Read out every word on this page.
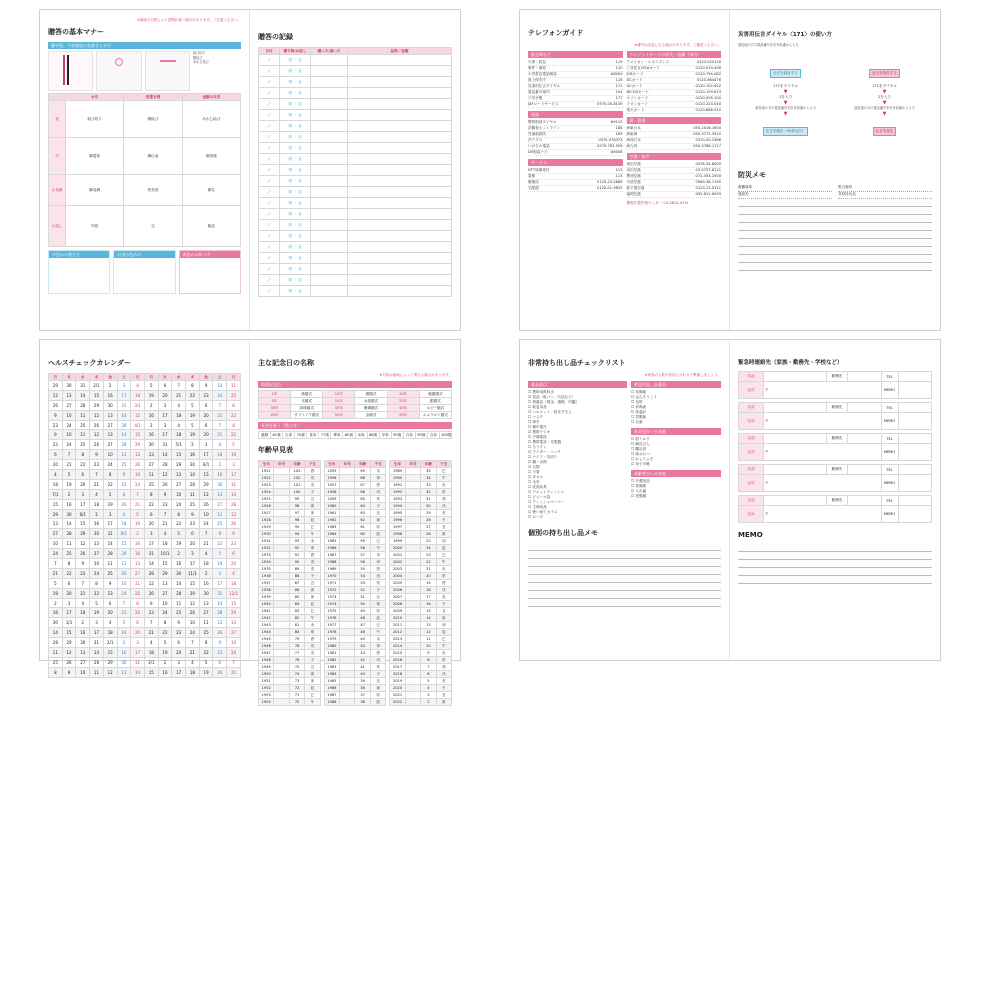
※地域や宗教により習慣が違う場合があります。ご注意ください。
贈答の基本マナー
慶弔袋、不祝儀袋の表書きと水引
結び切り
蝶結び
あわじ結び
	水引	表書き例	金額の目安
祝	結び切り	蝶結び	あわじ結び
弔	御霊前	御仏前	御香典
お見舞	御見舞	快気祝	御礼
お返し	内祝	志	粗品
中包みの書き方	お金の包み方	表包みの折り方
贈答の記録
日付	贈り物/お返し	贈った/頂いた	品物／金額
／	贈 ・ 返		
／	贈 ・ 返		
／	贈 ・ 返		
／	贈 ・ 返		
／	贈 ・ 返		
／	贈 ・ 返		
／	贈 ・ 返		
／	贈 ・ 返		
／	贈 ・ 返		
／	贈 ・ 返		
／	贈 ・ 返		
／	贈 ・ 返		
／	贈 ・ 返		
／	贈 ・ 返		
／	贈 ・ 返		
／	贈 ・ 返		
／	贈 ・ 返		
／	贈 ・ 返		
／	贈 ・ 返		
／	贈 ・ 返		
／	贈 ・ 返		
／	贈 ・ 返		
テレフォンガイド
※番号は変更になる場合があります。ご確認ください。
緊急時など
火事・救急	119
事件・事故	110
小児救急電話相談	#8000
海上保安庁	118
災害用伝言ダイヤル	171
電話番号案内	104
天気予報	177
JAFロードサービス	0570-00-8139
相談
警察相談ダイヤル	#9110
消費者ホットライン	188
児童相談所	189
法テラス	0570-078374
いのちの電話	0570-783-556
DV相談ナビ	#8008
サービス
NTT故障受付	113
電報	115
郵便局	0120-23-2886
宅配便	0120-01-9625
クレジットカードの紛失・盗難（国内）
アメリカン・エキスプレス	0120-020120
三井住友VISAカード	0120-919-456
JCBカード	0120-794-082
DCカード	0120-664476
UCカード	0120-102-622
NICOSカード	0120-159-674
セゾンカード	0120-505-100
イオンカード	0120-223-040
楽天カード	0120-866-910
JR・鉄道
JR東日本	050-2016-1600
JR東海	050-3772-3910
JR西日本	0570-00-2486
JR九州	050-3786-1717
空港・航空
成田空港	0476-34-8000
羽田空港	03-5757-8111
関西空港	072-455-2500
中部空港	0569-38-1195
新千歳空港	0123-23-0111
福岡空港	092-621-6059
警視庁遺失物センター 03-3814-4151
災害用伝言ダイヤル〈171〉の使い方
被災地の方の電話番号を市外局番から入力
伝言を録音する
171をダイヤル
▼
1を入力
▼
被災地の方の電話番号を市外局番から入力
▼
伝言を録音（30秒以内）
伝言を再生する
171をダイヤル
▼
2を入力
▼
被災地の方の電話番号を市外局番から入力
▼
伝言を再生
防災メモ
避難場所
連絡先
集合場所
非常持出品
ヘルスチェックカレンダー
月	火	水	木	金	土	日	月	火	水	木	金	土	日
29	30	31	2/1	2	3	4	5	6	7	8	9	10	11
12	13	14	15	16	17	18	19	20	21	22	23	24	25
26	27	28	29	30	31	3/1	2	3	4	5	6	7	8
9	10	11	12	13	14	15	16	17	18	19	20	21	22
23	24	25	26	27	28	4/1	2	3	4	5	6	7	8
9	10	11	12	13	14	15	16	17	18	19	20	21	22
23	24	25	26	27	28	29	30	31	5/1	2	3	4	5
6	7	8	9	10	11	12	13	14	15	16	17	18	19
20	21	22	23	24	25	26	27	28	29	30	6/1	2	3
4	5	6	7	8	9	10	11	12	13	14	15	16	17
18	19	20	21	22	23	24	25	26	27	28	29	30	31
7/1	2	3	4	5	6	7	8	9	10	11	12	13	14
15	16	17	18	19	20	21	22	23	24	25	26	27	28
29	30	8/1	2	3	4	5	6	7	8	9	10	11	12
13	14	15	16	17	18	19	20	21	22	23	24	25	26
27	28	29	30	31	9/1	2	3	4	5	6	7	8	9
10	11	12	13	14	15	16	17	18	19	20	21	22	23
24	25	26	27	28	29	30	31	10/1	2	3	4	5	6
7	8	9	10	11	12	13	14	15	16	17	18	19	20
21	22	23	24	25	26	27	28	29	30	11/1	2	3	4
5	6	7	8	9	10	11	12	13	14	15	16	17	18
19	20	21	22	23	24	25	26	27	28	29	30	31	12/1
2	3	4	5	6	7	8	9	10	11	12	13	14	15
16	17	18	19	20	21	22	23	24	25	26	27	28	29
30	1/1	2	3	4	5	6	7	8	9	10	11	12	13
14	15	16	17	18	19	20	21	22	23	24	25	26	27
28	29	30	31	2/1	2	3	4	5	6	7	8	9	10
11	12	13	14	15	16	17	18	19	20	21	22	23	24
25	26	27	28	29	30	31	3/1	2	3	4	5	6	7
8	9	10	11	12	13	14	15	16	17	18	19	20	21
主な記念日の名称
※名称は地域によって異なる場合があります。
結婚記念日
1年	紙婚式	10年	錫婚式	20年	磁器婚式
5年	木婚式	15年	水晶婚式	25年	銀婚式
30年	真珠婚式	35年	珊瑚婚式	40年	ルビー婚式
45年	サファイア婚式	50年	金婚式	55年	エメラルド婚式
長寿を祝う（数え年）
還暦	61歳	古希	70歳	喜寿	77歳	傘寿	80歳	米寿	88歳	卒寿	90歳	白寿	99歳	百寿	100歳
年齢早見表
生年	年号	年齢	干支
1921		103	酉
1922		102	戌
1923		101	亥
1924		100	子
1925		99	丑
1926		98	寅
1927		97	卯
1928		96	辰
1929		95	巳
1930		94	午
1931		93	未
1932		92	申
1933		91	酉
1934		90	戌
1935		89	亥
1936		88	子
1937		87	丑
1938		86	寅
1939		85	卯
1940		84	辰
1941		83	巳
1942		82	午
1943		81	未
1944		80	申
1945		79	酉
1946		78	戌
1947		77	亥
1948		76	子
1949		75	丑
1950		74	寅
1951		73	卯
1952		72	辰
1953		71	巳
1954		70	午
生年	年号	年齢	干支
1955		69	未
1956		68	申
1957		67	酉
1958		66	戌
1959		65	亥
1960		64	子
1961		63	丑
1962		62	寅
1963		61	卯
1964		60	辰
1965		59	巳
1966		58	午
1967		57	未
1968		56	申
1969		55	酉
1970		54	戌
1971		53	亥
1972		52	子
1973		51	丑
1974		50	寅
1975		49	卯
1976		48	辰
1977		47	巳
1978		46	午
1979		45	未
1980		44	申
1981		43	酉
1982		42	戌
1983		41	亥
1984		40	子
1985		39	丑
1986		38	寅
1987		37	卯
1988		36	辰
生年	年号	年齢	干支
1989		35	巳
1990		34	午
1991		33	未
1992		32	申
1993		31	酉
1994		30	戌
1995		29	亥
1996		28	子
1997		27	丑
1998		26	寅
1999		25	卯
2000		24	辰
2001		23	巳
2002		22	午
2003		21	未
2004		20	申
2005		19	酉
2006		18	戌
2007		17	亥
2008		16	子
2009		15	丑
2010		14	寅
2011		13	卯
2012		12	辰
2013		11	巳
2014		10	午
2015		9	未
2016		8	申
2017		7	酉
2018		6	戌
2019		5	亥
2020		4	子
2021		3	丑
2022		2	寅
非常持ち出し品チェックリスト
※家族の人数や状況に合わせて準備しましょう。
基本品目
☐ 携帯用飲料水
☐ 食品（乾パン、缶詰など）
☐ 貴重品（現金、通帳、印鑑）
☐ 救急用品
☐ ヘルメット・防災ずきん
☐ マスク
☐ 軍手
☐ 懐中電灯
☐ 携帯ラジオ
☐ 予備電池
☐ 携帯電話・充電器
☐ ろうそく
☐ ライター・マッチ
☐ ナイフ・缶切り
☐ 鍋・水筒
☐ 衣類
☐ 下着
☐ タオル
☐ 毛布
☐ 洗面用具
☐ ウエットティッシュ
☐ ビニール袋
☐ ティッシュペーパー
☐ 生理用品
☐ 使い捨てカイロ
☐ ロープ
救急用品、医薬品
☐ 常備薬
☐ ばんそうこう
☐ 包帯
☐ 消毒液
☐ 体温計
☐ 胃腸薬
☐ 目薬
乳幼児がいる家庭
☐ 粉ミルク
☐ 哺乳びん
☐ 離乳食
☐ 紙おむつ
☐ おしりふき
☐ 母子手帳
高齢者がいる家庭
☐ 介護用品
☐ 常備薬
☐ 入れ歯
☐ 老眼鏡
個別の持ち出し品メモ
緊急時連絡先（家族・勤務先・学校など）
名前		勤務先		TEL	
住所	〒			MEMO	
名前		勤務先		TEL	
住所	〒			MEMO	
名前		勤務先		TEL	
住所	〒			MEMO	
名前		勤務先		TEL	
住所	〒			MEMO	
名前		勤務先		TEL	
住所	〒			MEMO	
MEMO
